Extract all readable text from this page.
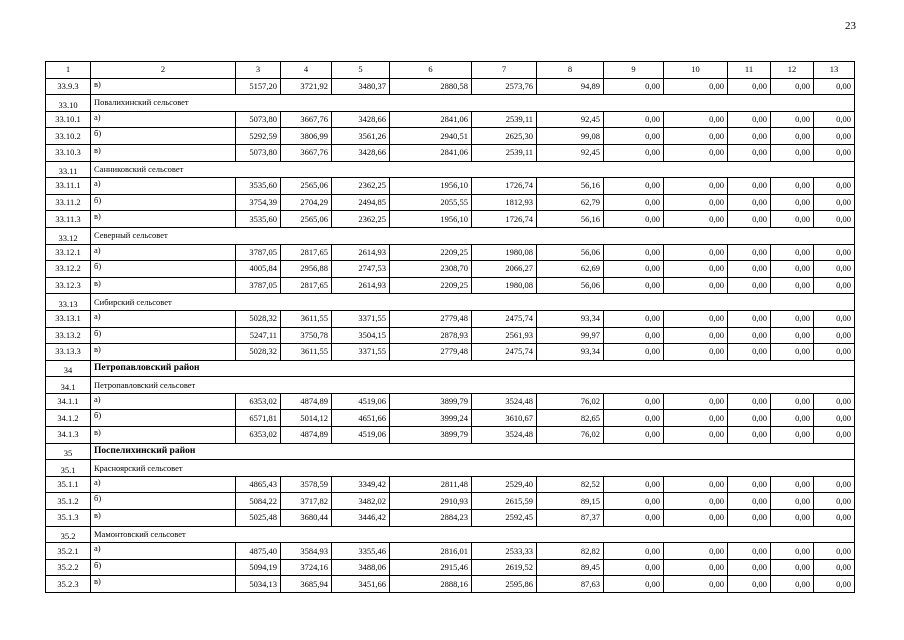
23
1	2	3	4	5	6	7	8	9	10	11	12	13
33.9.3	в)	5157,20	3721,92	3480,37	2880,58	2573,76	94,89	0,00	0,00	0,00	0,00	0,00
33.10	Повалихинский сельсовет											
33.10.1	а)	5073,80	3667,76	3428,66	2841,06	2539,11	92,45	0,00	0,00	0,00	0,00	0,00
33.10.2	б)	5292,59	3806,99	3561,26	2940,51	2625,30	99,08	0,00	0,00	0,00	0,00	0,00
33.10.3	в)	5073,80	3667,76	3428,66	2841,06	2539,11	92,45	0,00	0,00	0,00	0,00	0,00
33.11	Санниковский сельсовет											
33.11.1	а)	3535,60	2565,06	2362,25	1956,10	1726,74	56,16	0,00	0,00	0,00	0,00	0,00
33.11.2	б)	3754,39	2704,29	2494,85	2055,55	1812,93	62,79	0,00	0,00	0,00	0,00	0,00
33.11.3	в)	3535,60	2565,06	2362,25	1956,10	1726,74	56,16	0,00	0,00	0,00	0,00	0,00
33.12	Северный сельсовет											
33.12.1	а)	3787,05	2817,65	2614,93	2209,25	1980,08	56,06	0,00	0,00	0,00	0,00	0,00
33.12.2	б)	4005,84	2956,88	2747,53	2308,70	2066,27	62,69	0,00	0,00	0,00	0,00	0,00
33.12.3	в)	3787,05	2817,65	2614,93	2209,25	1980,08	56,06	0,00	0,00	0,00	0,00	0,00
33.13	Сибирский сельсовет											
33.13.1	а)	5028,32	3611,55	3371,55	2779,48	2475,74	93,34	0,00	0,00	0,00	0,00	0,00
33.13.2	б)	5247,11	3750,78	3504,15	2878,93	2561,93	99,97	0,00	0,00	0,00	0,00	0,00
33.13.3	в)	5028,32	3611,55	3371,55	2779,48	2475,74	93,34	0,00	0,00	0,00	0,00	0,00
34	Петропавловский район											
34.1	Петропавловский сельсовет											
34.1.1	а)	6353,02	4874,89	4519,06	3899,79	3524,48	76,02	0,00	0,00	0,00	0,00	0,00
34.1.2	б)	6571,81	5014,12	4651,66	3999,24	3610,67	82,65	0,00	0,00	0,00	0,00	0,00
34.1.3	в)	6353,02	4874,89	4519,06	3899,79	3524,48	76,02	0,00	0,00	0,00	0,00	0,00
35	Поспелихинский район											
35.1	Красноярский сельсовет											
35.1.1	а)	4865,43	3578,59	3349,42	2811,48	2529,40	82,52	0,00	0,00	0,00	0,00	0,00
35.1.2	б)	5084,22	3717,82	3482,02	2910,93	2615,59	89,15	0,00	0,00	0,00	0,00	0,00
35.1.3	в)	5025,48	3680,44	3446,42	2884,23	2592,45	87,37	0,00	0,00	0,00	0,00	0,00
35.2	Мамонтовский сельсовет											
35.2.1	а)	4875,40	3584,93	3355,46	2816,01	2533,33	82,82	0,00	0,00	0,00	0,00	0,00
35.2.2	б)	5094,19	3724,16	3488,06	2915,46	2619,52	89,45	0,00	0,00	0,00	0,00	0,00
35.2.3	в)	5034,13	3685,94	3451,66	2888,16	2595,86	87,63	0,00	0,00	0,00	0,00	0,00
